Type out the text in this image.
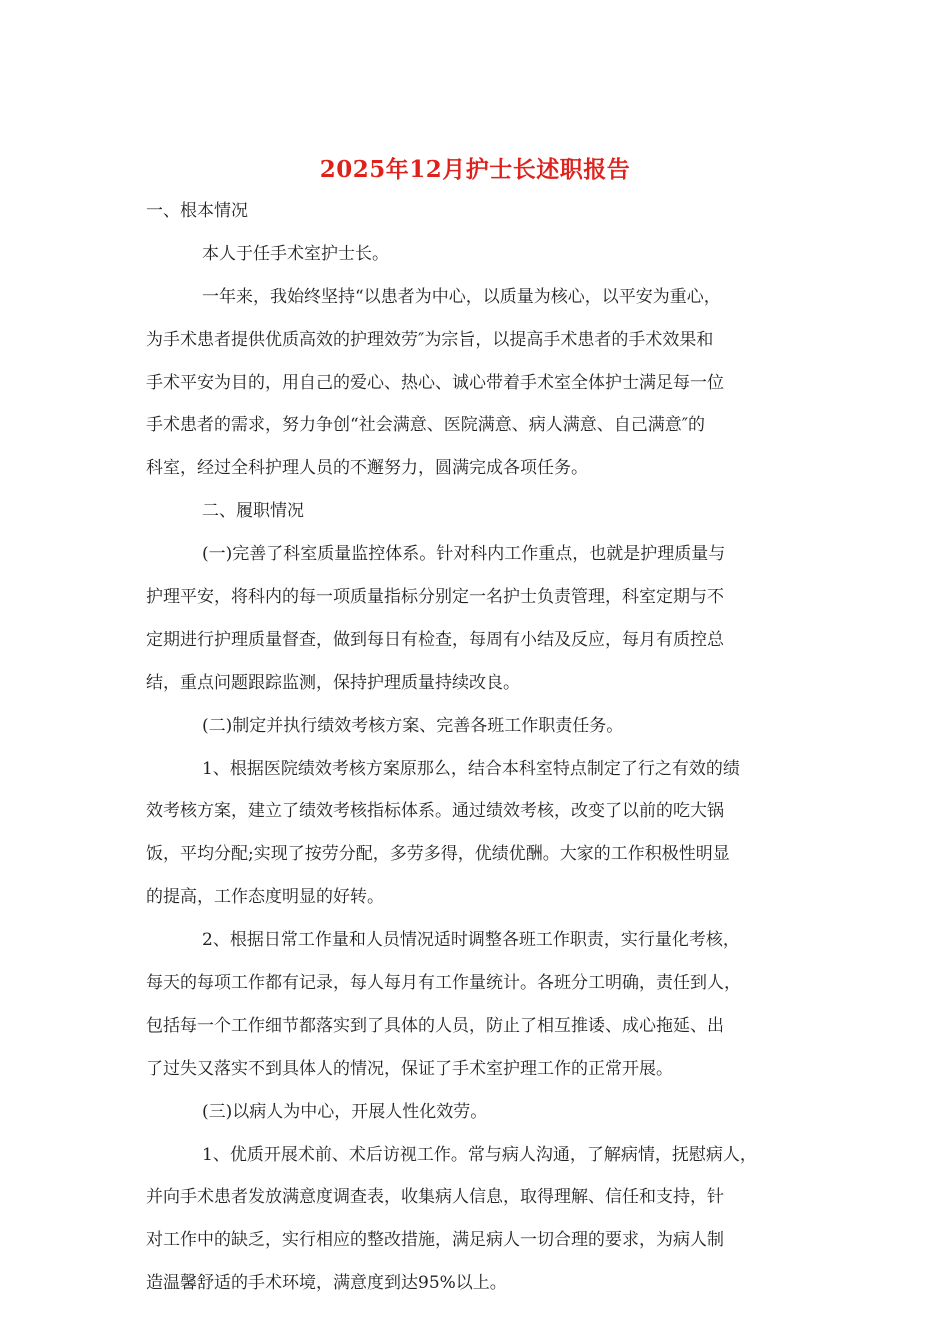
2025年12月护士长述职报告
一、根本情况
本人于任手术室护士长。
一年来，我始终坚持“以患者为中心，以质量为核心，以平安为重心，
为手术患者提供优质高效的护理效劳″为宗旨，以提高手术患者的手术效果和
手术平安为目的，用自己的爱心、热心、诚心带着手术室全体护士满足每一位
手术患者的需求，努力争创“社会满意、医院满意、病人满意、自己满意″的
科室，经过全科护理人员的不邂努力，圆满完成各项任务。
二、履职情况
(一)完善了科室质量监控体系。针对科内工作重点，也就是护理质量与
护理平安，将科内的每一项质量指标分别定一名护士负责管理，科室定期与不
定期进行护理质量督查，做到每日有检查，每周有小结及反应，每月有质控总
结，重点问题跟踪监测，保持护理质量持续改良。
(二)制定并执行绩效考核方案、完善各班工作职责任务。
1、根据医院绩效考核方案原那么，结合本科室特点制定了行之有效的绩
效考核方案，建立了绩效考核指标体系。通过绩效考核，改变了以前的吃大锅
饭，平均分配;实现了按劳分配，多劳多得，优绩优酬。大家的工作积极性明显
的提高，工作态度明显的好转。
2、根据日常工作量和人员情况适时调整各班工作职责，实行量化考核，
每天的每项工作都有记录，每人每月有工作量统计。各班分工明确，责任到人，
包括每一个工作细节都落实到了具体的人员，防止了相互推诿、成心拖延、出
了过失又落实不到具体人的情况，保证了手术室护理工作的正常开展。
(三)以病人为中心，开展人性化效劳。
1、优质开展术前、术后访视工作。常与病人沟通，了解病情，抚慰病人，
并向手术患者发放满意度调查表，收集病人信息，取得理解、信任和支持，针
对工作中的缺乏，实行相应的整改措施，满足病人一切合理的要求，为病人制
造温馨舒适的手术环境，满意度到达95%以上。
